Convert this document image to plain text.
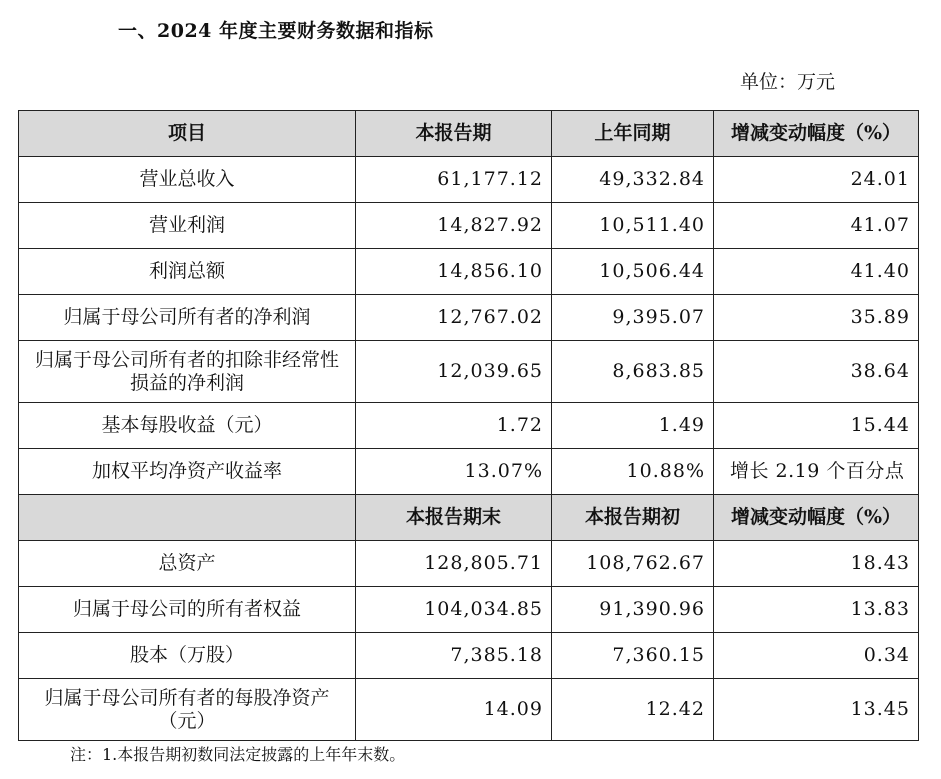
一、2024 年度主要财务数据和指标
单位：万元
项目	本报告期	上年同期	增减变动幅度（%）
营业总收入	61,177.12	49,332.84	24.01
营业利润	14,827.92	10,511.40	41.07
利润总额	14,856.10	10,506.44	41.40
归属于母公司所有者的净利润	12,767.02	9,395.07	35.89
归属于母公司所有者的扣除非经常性损益的净利润	12,039.65	8,683.85	38.64
基本每股收益（元）	1.72	1.49	15.44
加权平均净资产收益率	13.07%	10.88%	增长 2.19 个百分点
	本报告期末	本报告期初	增减变动幅度（%）
总资产	128,805.71	108,762.67	18.43
归属于母公司的所有者权益	104,034.85	91,390.96	13.83
股本（万股）	7,385.18	7,360.15	0.34
归属于母公司所有者的每股净资产（元）	14.09	12.42	13.45
注：1.本报告期初数同法定披露的上年年末数。
